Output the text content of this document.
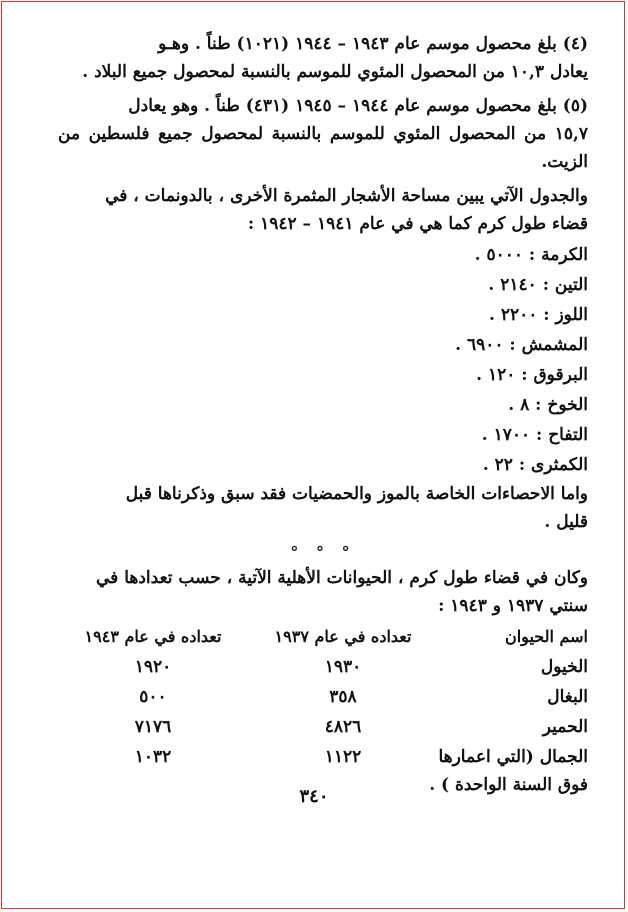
(٤) بلغ محصول موسم عام ١٩٤٣ – ١٩٤٤ (١٠٢١) طناً . وهـو
يعادل ١٠,٣ من المحصول المئوي للموسم بالنسبة لمحصول جميع البلاد .

(٥) بلغ محصول موسم عام ١٩٤٤ – ١٩٤٥ (٤٣١) طناً . وهو يعادل
١٥,٧ من المحصول المئوي للموسم بالنسبة لمحصول جميع فلسطين من الزيت.

والجدول الآتي يبين مساحة الأشجار المثمرة الأخرى ، بالدونمات ، في
قضاء طول كرم كما هي في عام ١٩٤١ – ١٩٤٢ :

الكرمة : ٥٠٠٠ .
التين : ٢١٤٠ .
اللوز : ٢٢٠٠ .
المشمش : ٦٩٠٠ .
البرقوق : ١٢٠ .
الخوخ : ٨ .
التفاح : ١٧٠٠ .
الكمثرى : ٢٢ .

واما الاحصاءات الخاصة بالموز والحمضيات فقد سبق وذكرناها قبل
قليل .

° ° °

وكان في قضاء طول كرم ، الحيوانات الأهلية الآتية ، حسب تعدادها في
سنتي ١٩٣٧ و ١٩٤٣ :

اسم الحيوان	تعداده في عام ١٩٣٧	تعداده في عام ١٩٤٣
الخيول	١٩٣٠	١٩٢٠
البغال	٣٥٨	٥٠٠
الحمير	٤٨٢٦	٧١٧٦
الجمال (التي اعمارها	١١٢٢	١٠٣٢

فوق السنة الواحدة ) .

٣٤٠
